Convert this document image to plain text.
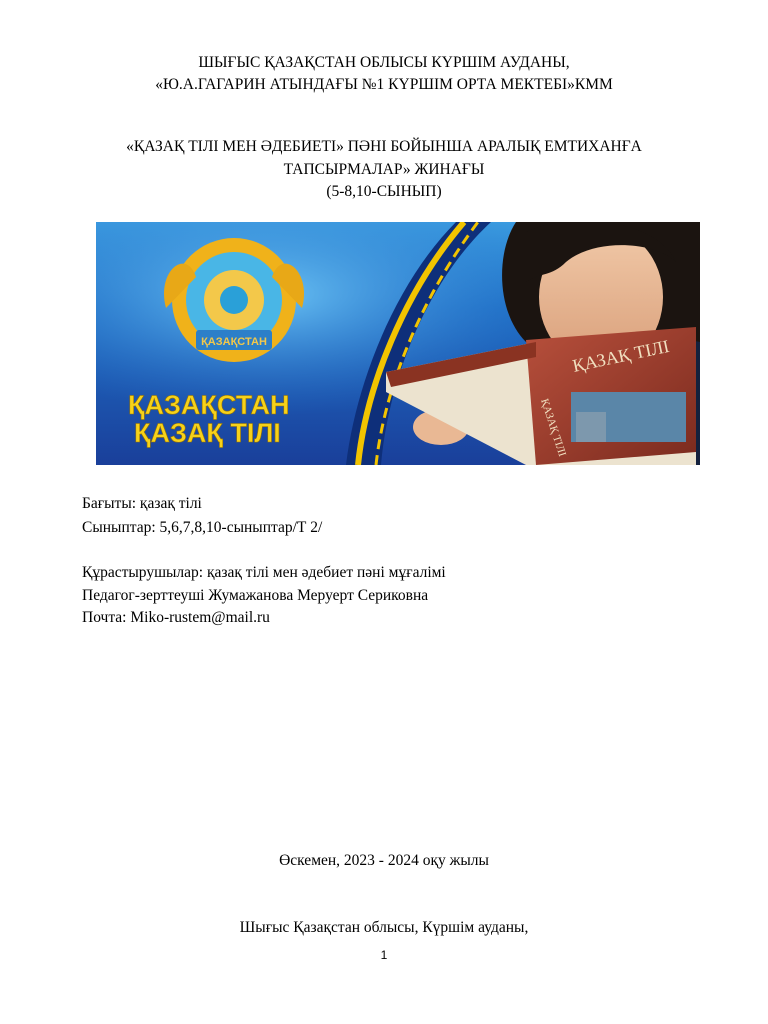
ШЫҒЫС ҚАЗАҚСТАН ОБЛЫСЫ КҮРШІМ АУДАНЫ,
«Ю.А.ГАГАРИН АТЫНДАҒЫ №1 КҮРШІМ ОРТА МЕКТЕБІ»КММ
«ҚАЗАҚ ТІЛІ МЕН ӘДЕБИЕТІ» ПӘНІ БОЙЫНША АРАЛЫҚ ЕМТИХАНҒА
ТАПСЫРМАЛАР» ЖИНАҒЫ
(5-8,10-СЫНЫП)
ҚАЗАҚСТАН
ҚАЗАҚСТАН
ҚАЗАҚ ТІЛІ
ҚАЗАҚ ТІЛІ
ҚАЗАҚ ТІЛІ
Бағыты: қазақ тілі
Сыныптар: 5,6,7,8,10-сыныптар/Т 2/
Құрастырушылар: қазақ тілі мен әдебиет пәні мұғалімі
Педагог-зерттеуші Жумажанова Меруерт Сериковна
Почта: Miko-rustem@mail.ru
Өскемен, 2023 - 2024 оқу жылы
Шығыс Қазақстан облысы, Күршім ауданы,
1
